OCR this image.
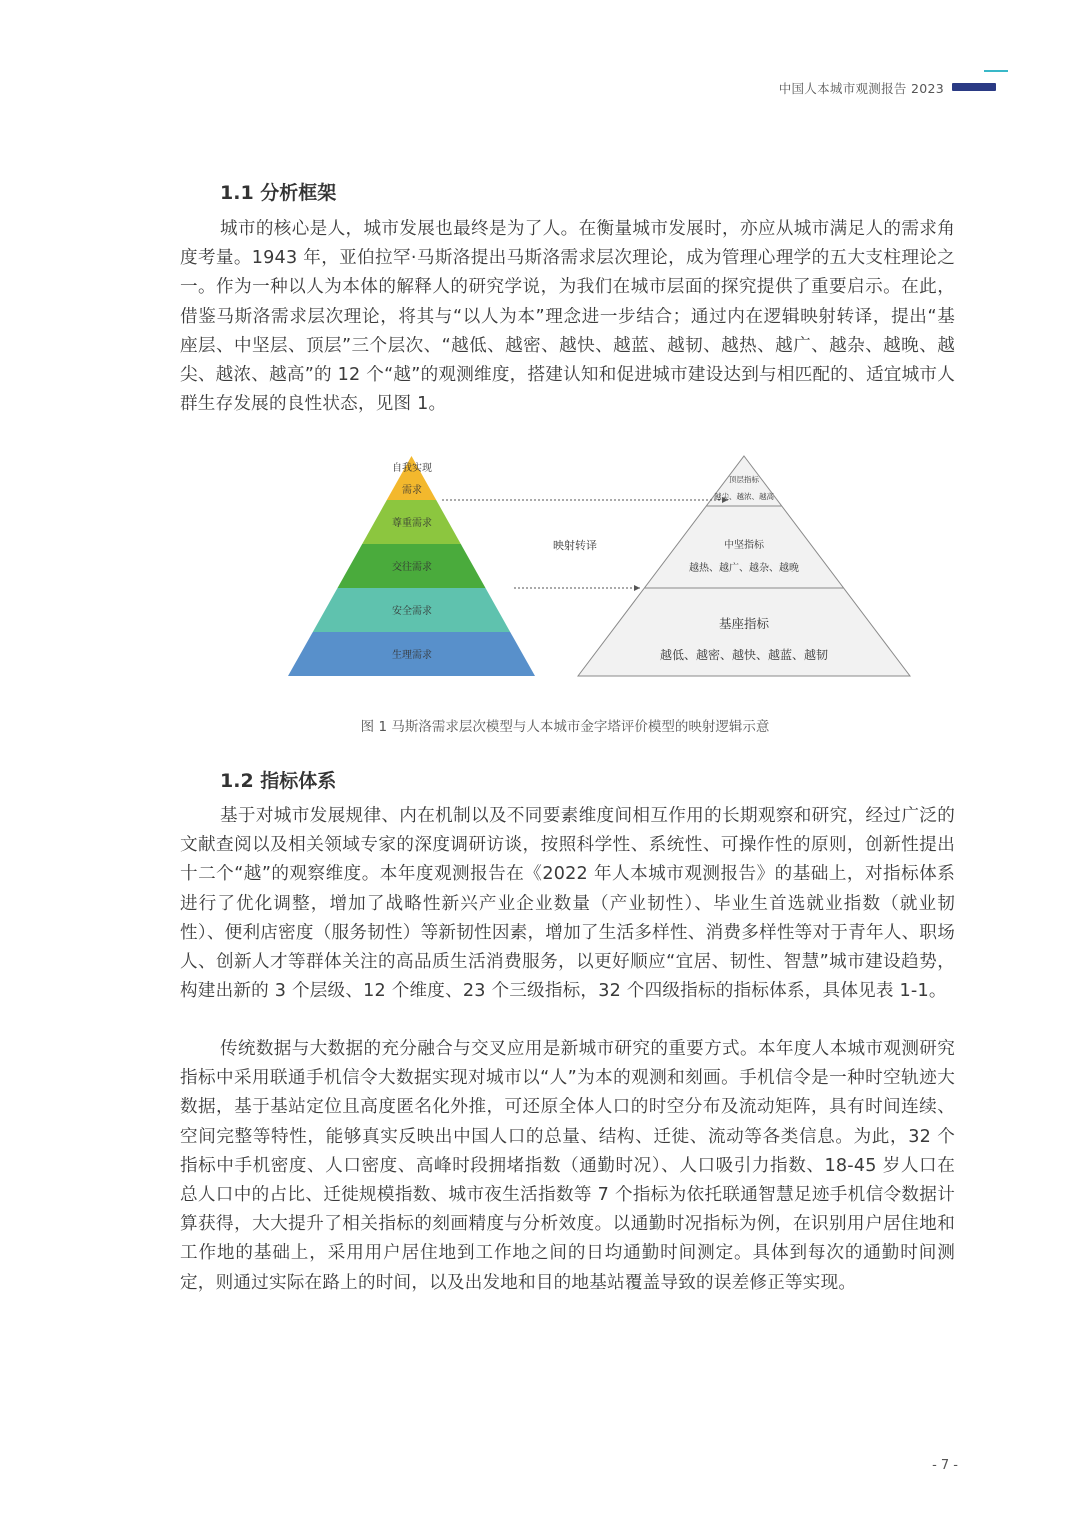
中国人本城市观测报告 2023
1.1 分析框架

城市的核心是人，城市发展也最终是为了人。在衡量城市发展时，亦应从城市满足人的需求角度考量。1943 年，亚伯拉罕·马斯洛提出马斯洛需求层次理论，成为管理心理学的五大支柱理论之一。作为一种以人为本体的解释人的研究学说，为我们在城市层面的探究提供了重要启示。在此，借鉴马斯洛需求层次理论，将其与“以人为本”理念进一步结合；通过内在逻辑映射转译，提出“基座层、中坚层、顶层”三个层次、“越低、越密、越快、越蓝、越韧、越热、越广、越杂、越晚、越尖、越浓、越高”的 12 个“越”的观测维度，搭建认知和促进城市建设达到与相匹配的、适宜城市人群生存发展的良性状态，见图 1。

自我实现
需求
尊重需求
交往需求
安全需求
生理需求
顶层指标
越尖、越浓、越高
中坚指标
越热、越广、越杂、越晚
基座指标
越低、越密、越快、越蓝、越韧
映射转译

图 1 马斯洛需求层次模型与人本城市金字塔评价模型的映射逻辑示意

1.2 指标体系

基于对城市发展规律、内在机制以及不同要素维度间相互作用的长期观察和研究，经过广泛的文献查阅以及相关领域专家的深度调研访谈，按照科学性、系统性、可操作性的原则，创新性提出十二个“越”的观察维度。本年度观测报告在《2022 年人本城市观测报告》的基础上，对指标体系进行了优化调整，增加了战略性新兴产业企业数量（产业韧性）、毕业生首选就业指数（就业韧性）、便利店密度（服务韧性）等新韧性因素，增加了生活多样性、消费多样性等对于青年人、职场人、创新人才等群体关注的高品质生活消费服务，以更好顺应“宜居、韧性、智慧”城市建设趋势，构建出新的 3 个层级、12 个维度、23 个三级指标，32 个四级指标的指标体系，具体见表 1-1。

传统数据与大数据的充分融合与交叉应用是新城市研究的重要方式。本年度人本城市观测研究指标中采用联通手机信令大数据实现对城市以“人”为本的观测和刻画。手机信令是一种时空轨迹大数据，基于基站定位且高度匿名化外推，可还原全体人口的时空分布及流动矩阵，具有时间连续、空间完整等特性，能够真实反映出中国人口的总量、结构、迁徙、流动等各类信息。为此，32 个指标中手机密度、人口密度、高峰时段拥堵指数（通勤时况）、人口吸引力指数、18-45 岁人口在总人口中的占比、迁徙规模指数、城市夜生活指数等 7 个指标为依托联通智慧足迹手机信令数据计算获得，大大提升了相关指标的刻画精度与分析效度。以通勤时况指标为例，在识别用户居住地和工作地的基础上，采用用户居住地到工作地之间的日均通勤时间测定。具体到每次的通勤时间测定，则通过实际在路上的时间，以及出发地和目的地基站覆盖导致的误差修正等实现。

- 7 -
